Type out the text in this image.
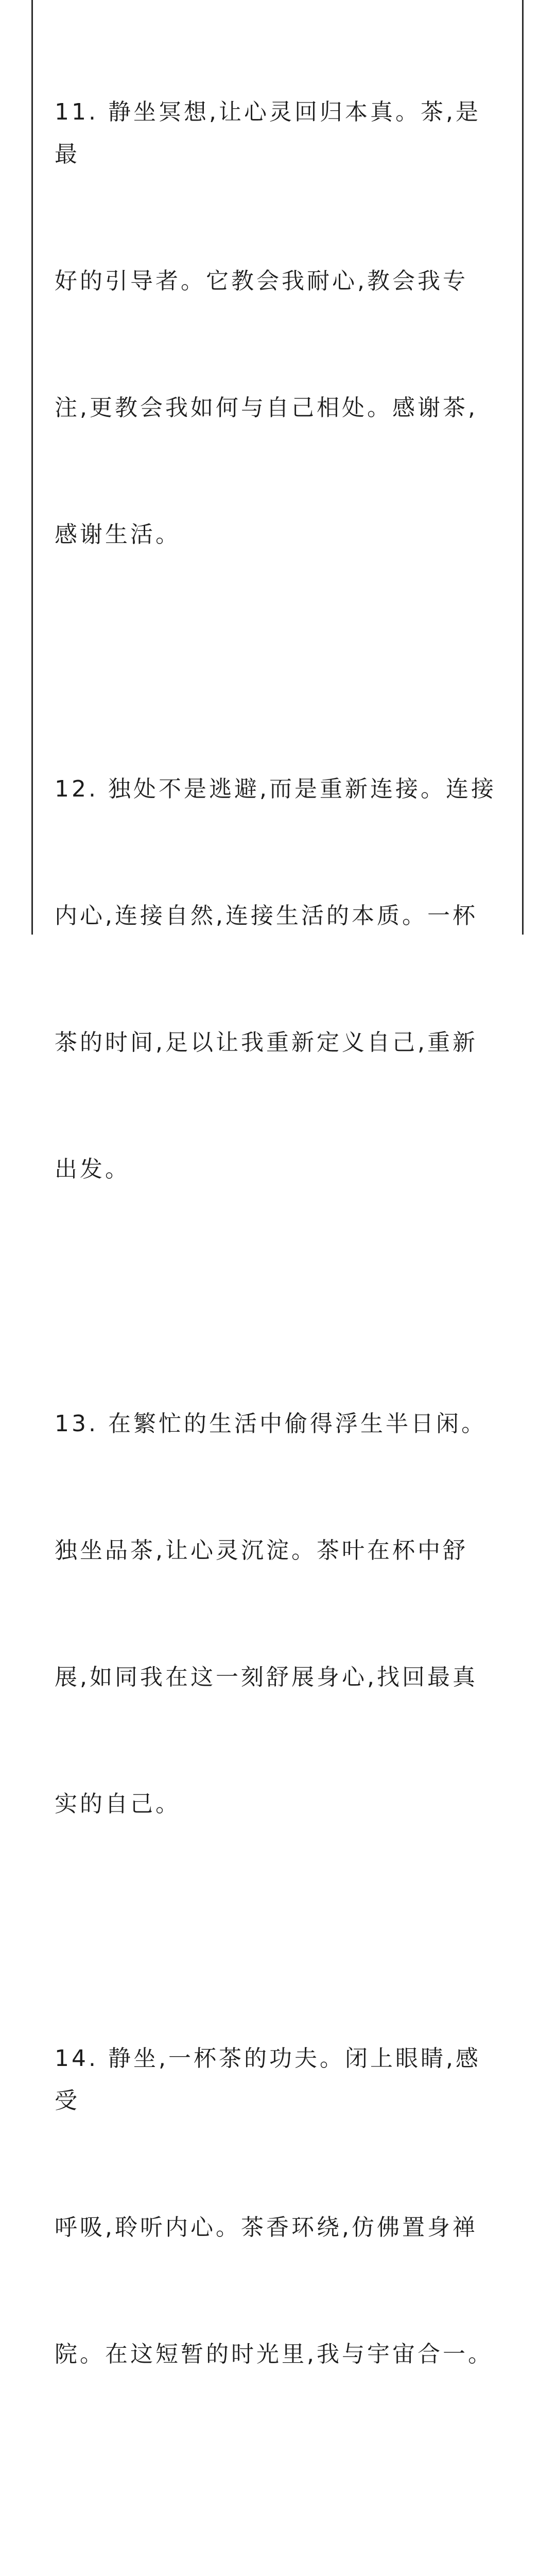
11. 静坐冥想,让心灵回归本真。茶,是最

好的引导者。它教会我耐心,教会我专

注,更教会我如何与自己相处。感谢茶,

感谢生活。

12. 独处不是逃避,而是重新连接。连接

内心,连接自然,连接生活的本质。一杯

茶的时间,足以让我重新定义自己,重新

出发。

13. 在繁忙的生活中偷得浮生半日闲。

独坐品茶,让心灵沉淀。茶叶在杯中舒

展,如同我在这一刻舒展身心,找回最真

实的自己。

14. 静坐,一杯茶的功夫。闭上眼睛,感受

呼吸,聆听内心。茶香环绕,仿佛置身禅

院。在这短暂的时光里,我与宇宙合一。
